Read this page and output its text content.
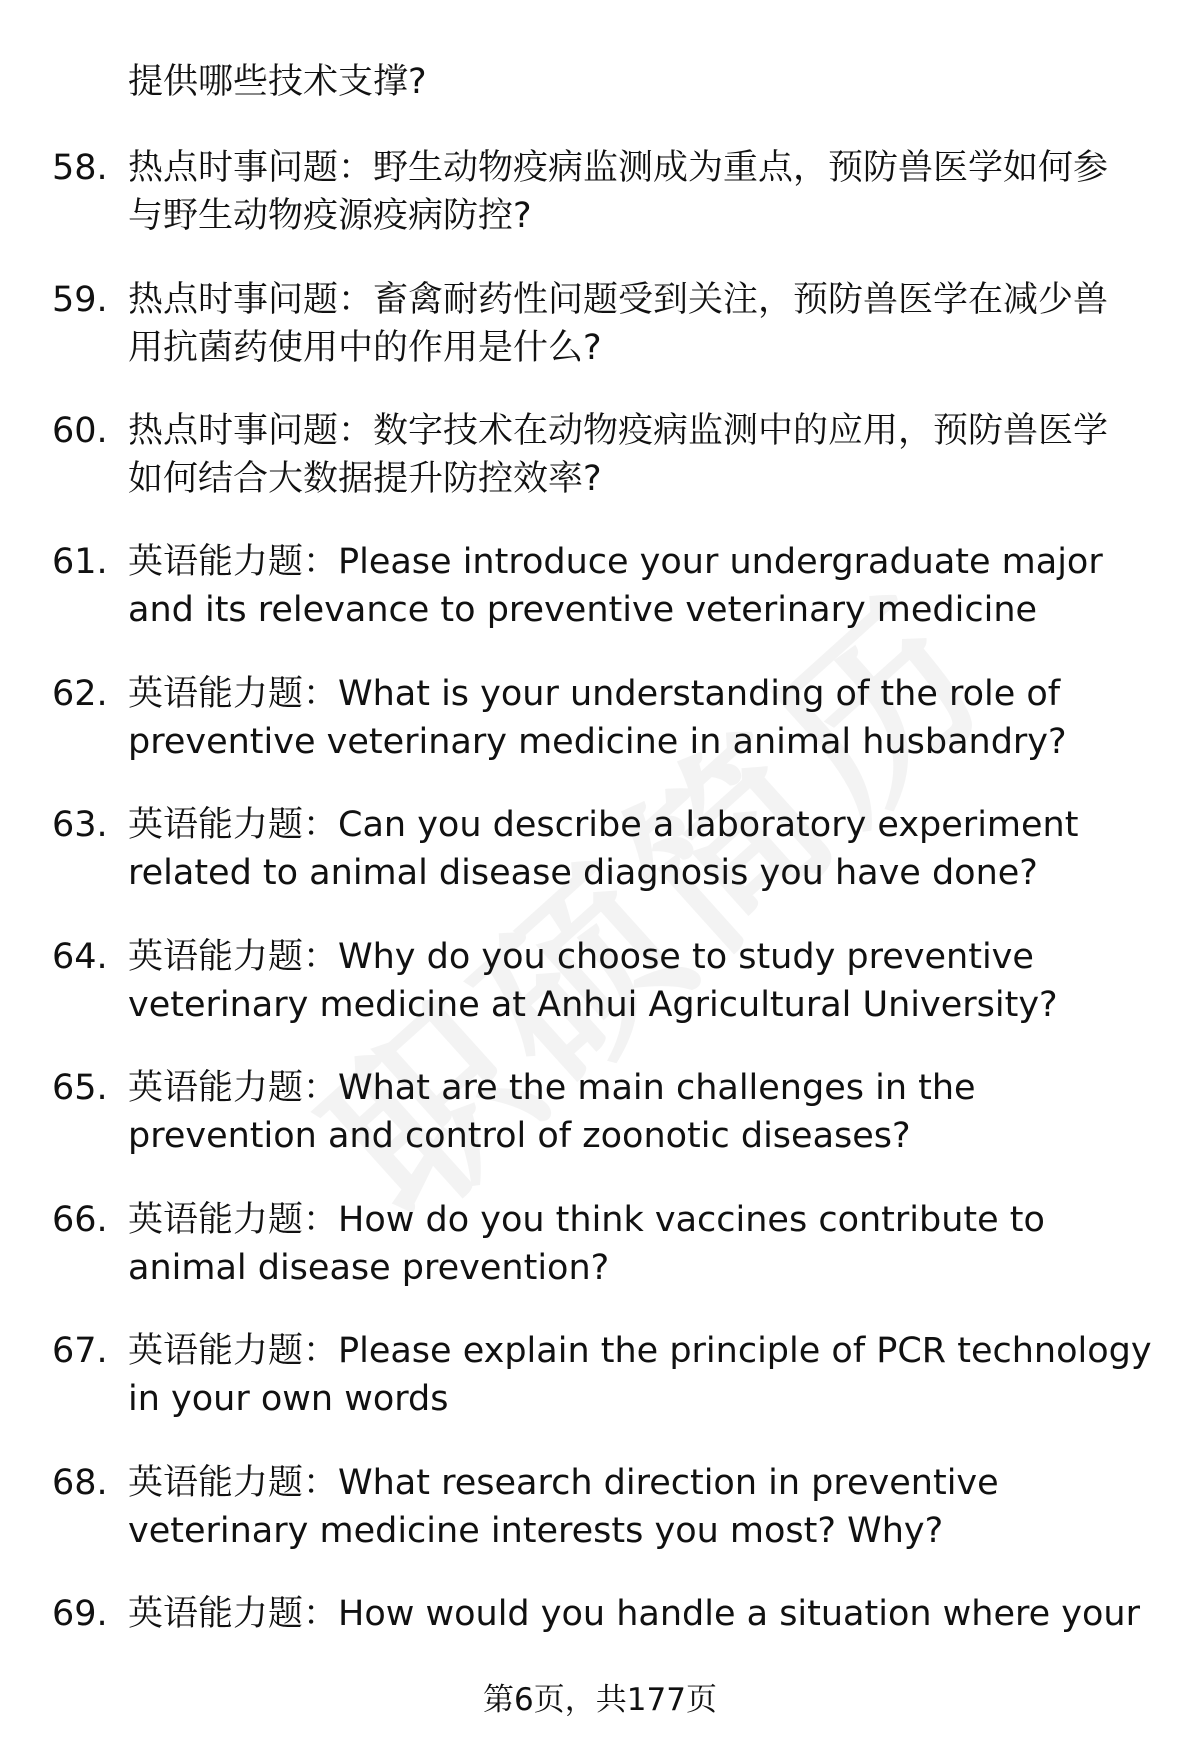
提供哪些技术支撑?
58. 热点时事问题：野生动物疫病监测成为重点，预防兽医学如何参
与野生动物疫源疫病防控?
59. 热点时事问题：畜禽耐药性问题受到关注，预防兽医学在减少兽
用抗菌药使用中的作用是什么?
60. 热点时事问题：数字技术在动物疫病监测中的应用，预防兽医学
如何结合大数据提升防控效率?
61. 英语能力题：Please introduce your undergraduate major
and its relevance to preventive veterinary medicine
62. 英语能力题：What is your understanding of the role of
preventive veterinary medicine in animal husbandry?
63. 英语能力题：Can you describe a laboratory experiment
related to animal disease diagnosis you have done?
64. 英语能力题：Why do you choose to study preventive
veterinary medicine at Anhui Agricultural University?
65. 英语能力题：What are the main challenges in the
prevention and control of zoonotic diseases?
66. 英语能力题：How do you think vaccines contribute to
animal disease prevention?
67. 英语能力题：Please explain the principle of PCR technology
in your own words
68. 英语能力题：What research direction in preventive
veterinary medicine interests you most? Why?
69. 英语能力题：How would you handle a situation where your
第6页，共177页
